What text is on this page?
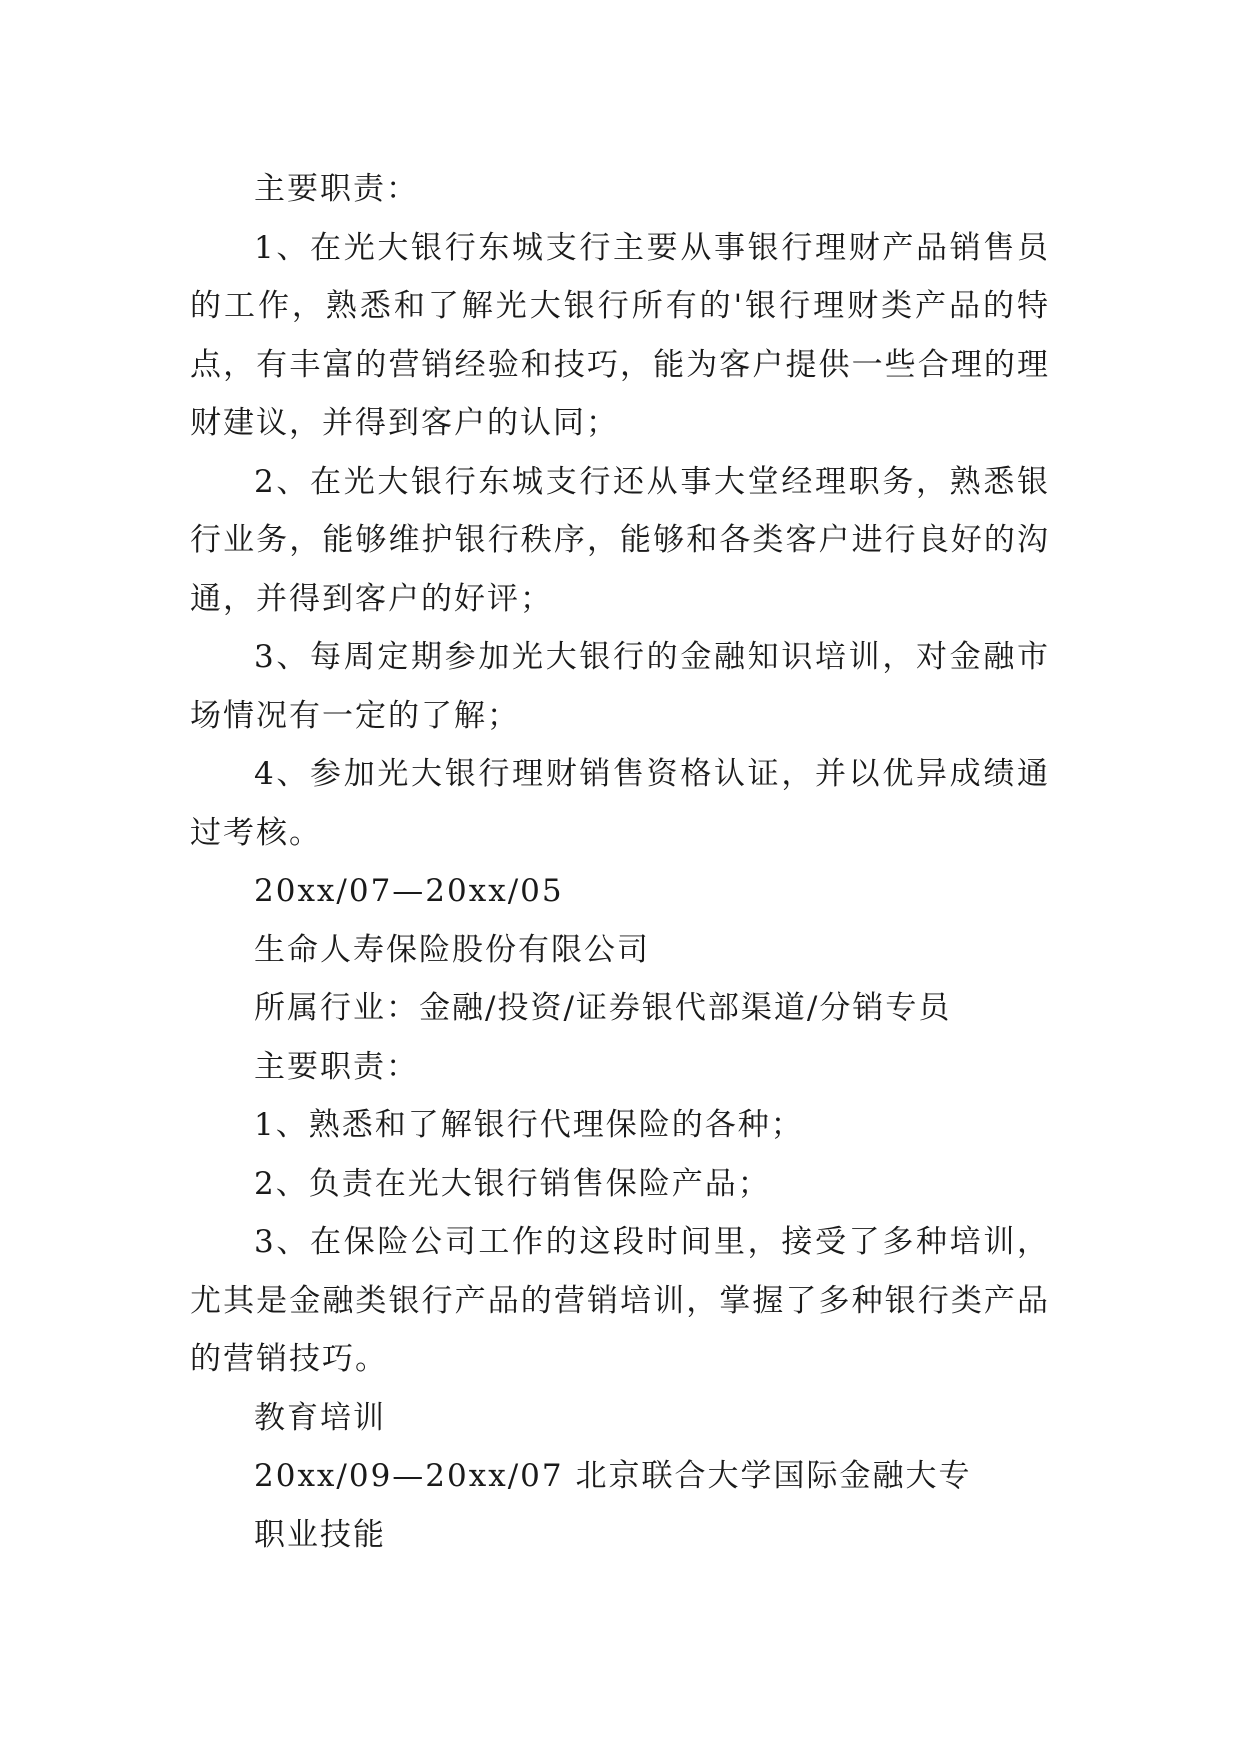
主要职责：

1、在光大银行东城支行主要从事银行理财产品销售员的工作，熟悉和了解光大银行所有的'银行理财类产品的特点，有丰富的营销经验和技巧，能为客户提供一些合理的理财建议，并得到客户的认同；

2、在光大银行东城支行还从事大堂经理职务，熟悉银行业务，能够维护银行秩序，能够和各类客户进行良好的沟通，并得到客户的好评；

3、每周定期参加光大银行的金融知识培训，对金融市场情况有一定的了解；

4、参加光大银行理财销售资格认证，并以优异成绩通过考核。

20xx/07—20xx/05

生命人寿保险股份有限公司

所属行业：金融/投资/证券银代部渠道/分销专员

主要职责：

1、熟悉和了解银行代理保险的各种；

2、负责在光大银行销售保险产品；

3、在保险公司工作的这段时间里，接受了多种培训，尤其是金融类银行产品的营销培训，掌握了多种银行类产品的营销技巧。

教育培训

20xx/09—20xx/07 北京联合大学国际金融大专

职业技能
